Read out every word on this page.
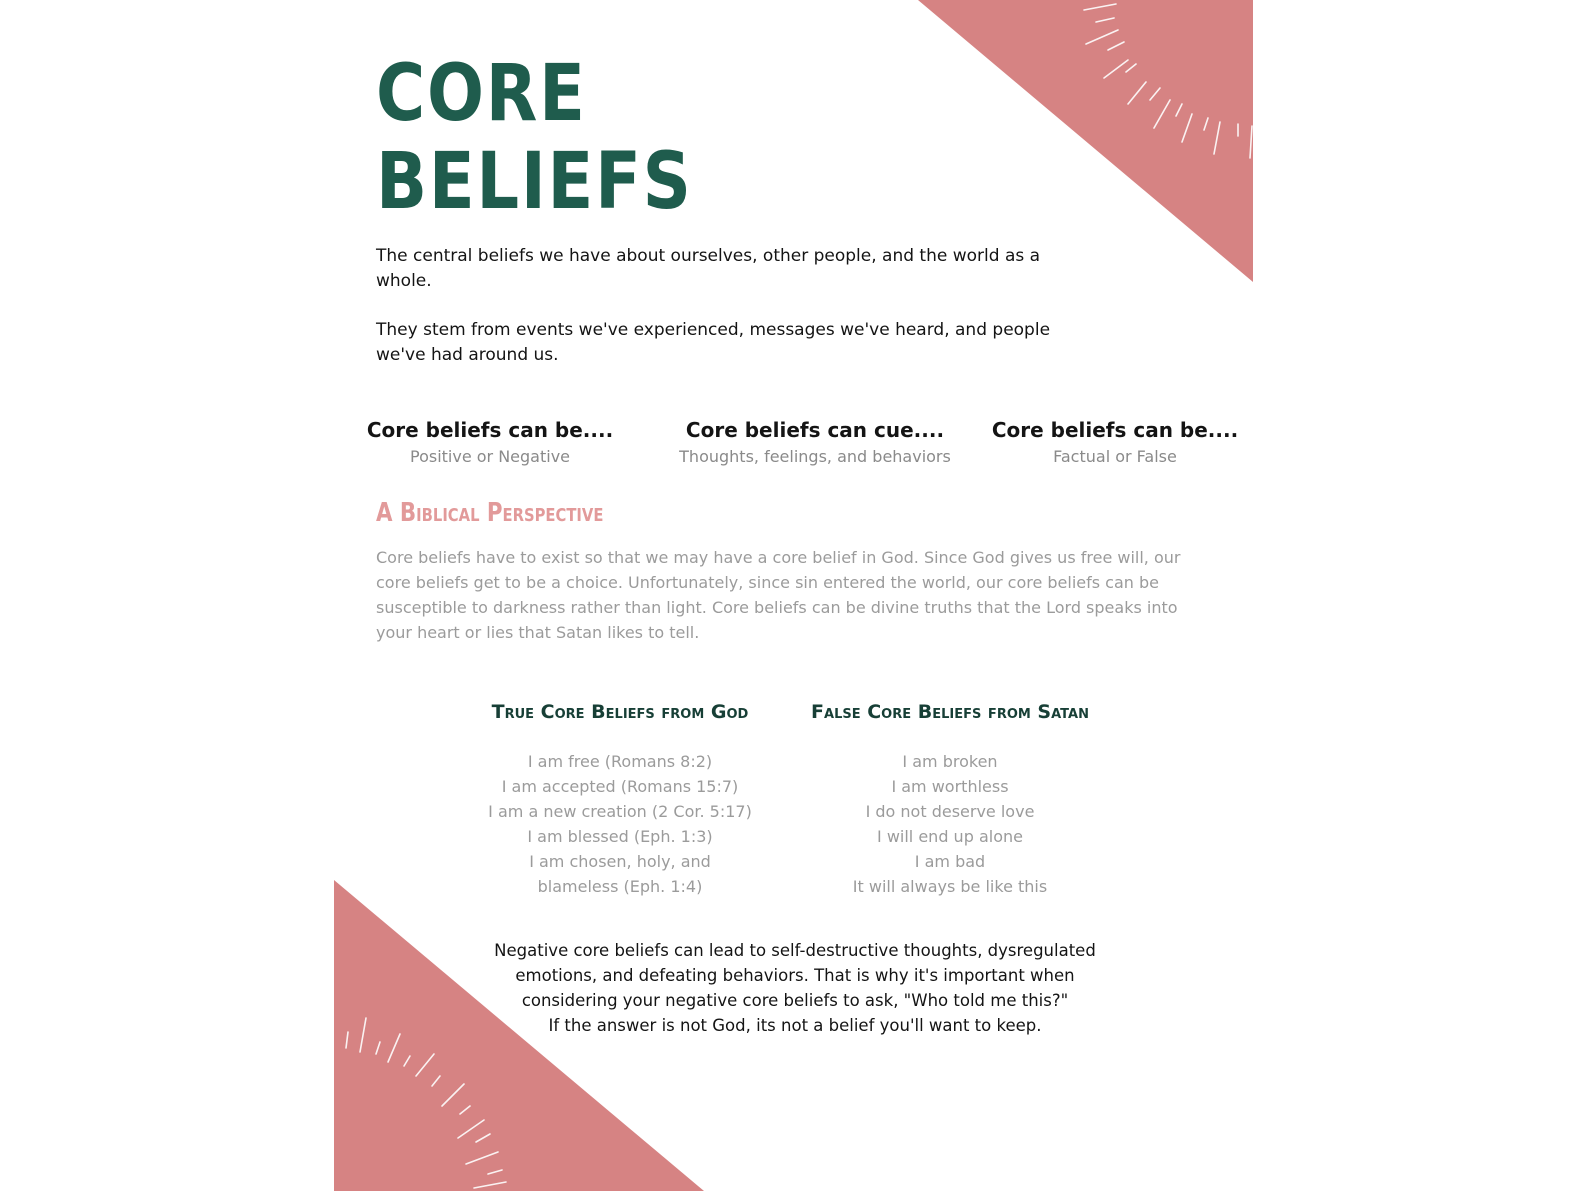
CORE
BELIEFS

The central beliefs we have about ourselves, other people, and the world as a whole.

They stem from events we've experienced, messages we've heard, and people we've had around us.

Core beliefs can be....
Positive or Negative
Core beliefs can cue....
Thoughts, feelings, and behaviors
Core beliefs can be....
Factual or False
A Biblical Perspective

Core beliefs have to exist so that we may have a core belief in God. Since God gives us free will, our core beliefs get to be a choice. Unfortunately, since sin entered the world, our core beliefs can be susceptible to darkness rather than light. Core beliefs can be divine truths that the Lord speaks into your heart or lies that Satan likes to tell.

True Core Beliefs from God
I am free (Romans 8:2)
I am accepted (Romans 15:7)
I am a new creation (2 Cor. 5:17)
I am blessed (Eph. 1:3)
I am chosen, holy, and
blameless (Eph. 1:4)
False Core Beliefs from Satan
I am broken
I am worthless
I do not deserve love
I will end up alone
I am bad
It will always be like this

Negative core beliefs can lead to self-destructive thoughts, dysregulated
emotions, and defeating behaviors. That is why it's important when
considering your negative core beliefs to ask, "Who told me this?"
If the answer is not God, its not a belief you'll want to keep.
